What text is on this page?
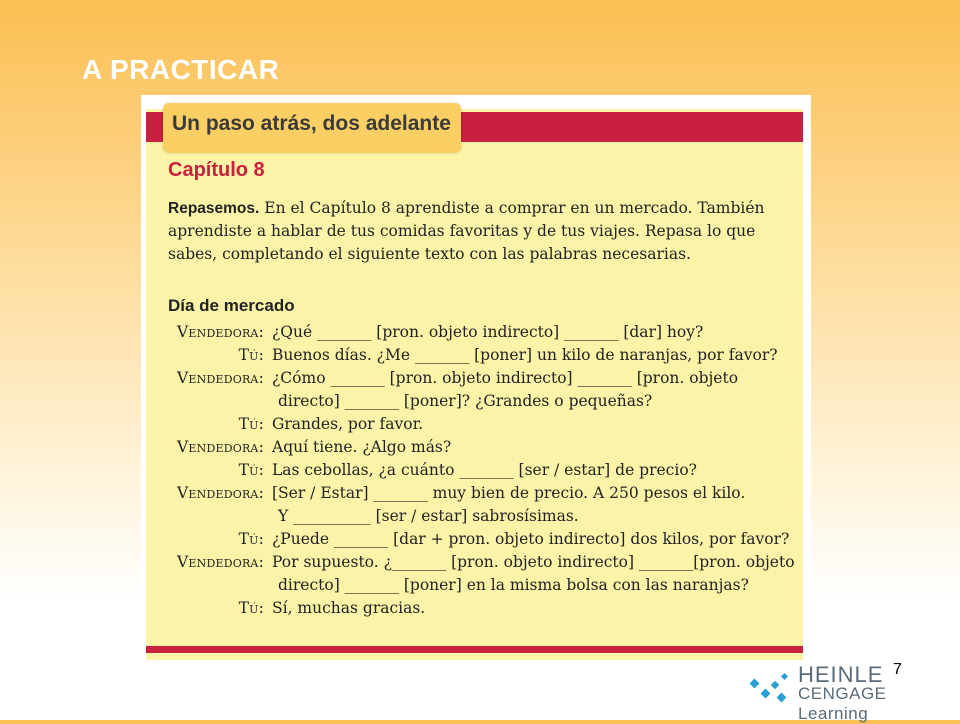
A PRACTICAR
Un paso atrás, dos adelante
Capítulo 8
Repasemos. En el Capítulo 8 aprendiste a comprar en un mercado. También aprendiste a hablar de tus comidas favoritas y de tus viajes. Repasa lo que sabes, completando el siguiente texto con las palabras necesarias.
Día de mercado
Vendedora: ¿Qué _______ [pron. objeto indirecto] _______ [dar] hoy?
Tú: Buenos días. ¿Me _______ [poner] un kilo de naranjas, por favor?
Vendedora: ¿Cómo _______ [pron. objeto indirecto] _______ [pron. objeto
directo] _______ [poner]? ¿Grandes o pequeñas?
Tú: Grandes, por favor.
Vendedora: Aquí tiene. ¿Algo más?
Tú: Las cebollas, ¿a cuánto _______ [ser / estar] de precio?
Vendedora: [Ser / Estar] _______ muy bien de precio. A 250 pesos el kilo.
Y __________ [ser / estar] sabrosísimas.
Tú: ¿Puede _______ [dar + pron. objeto indirecto] dos kilos, por favor?
Vendedora: Por supuesto. ¿_______ [pron. objeto indirecto] _______[pron. objeto
directo] _______ [poner] en la misma bolsa con las naranjas?
Tú: Sí, muchas gracias.
HEINLE
CENGAGE Learning
7
